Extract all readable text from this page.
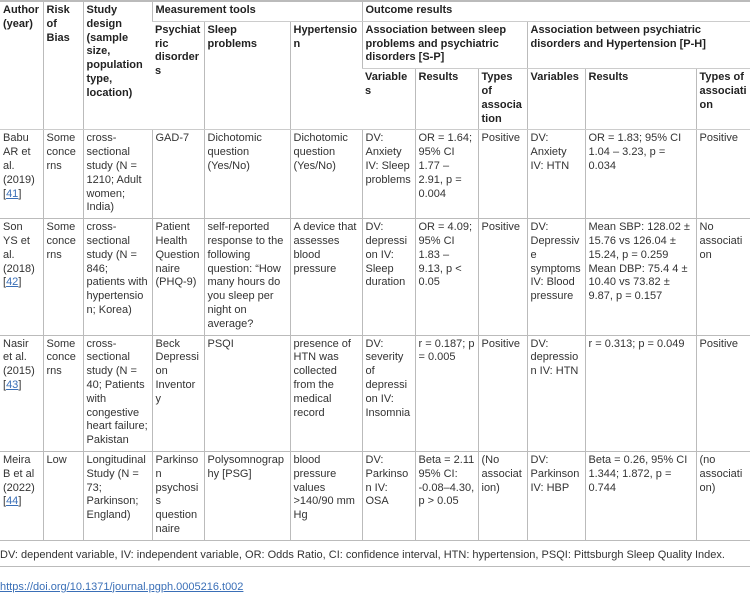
Author (year)	Risk of Bias	Study design (sample size, population type, location)	Measurement tools			Outcome results					
			Psychiatric disorders	Sleep problems	Hypertension	Association between sleep problems and psychiatric disorders [S-P]			Association between psychiatric disorders and Hypertension [P-H]		
						Variables	Results	Types of association	Variables	Results	Types of association
Babu AR et al. (2019) [41]	Some concerns	cross-sectional study (N = 1210; Adult women; India)	GAD-7	Dichotomic question (Yes/No)	Dichotomic question (Yes/No)	DV: Anxiety IV: Sleep problems	OR = 1.64; 95% CI 1.77 – 2.91, p = 0.004	Positive	DV: Anxiety IV: HTN	OR = 1.83; 95% CI 1.04 – 3.23, p = 0.034	Positive
Son YS et al. (2018) [42]	Some concerns	cross-sectional study (N = 846; patients with hypertension; Korea)	Patient Health Questionnaire (PHQ-9)	self-reported response to the following question: “How many hours do you sleep per night on average?	A device that assesses blood pressure	DV: depression IV: Sleep duration	OR = 4.09; 95% CI 1.83 – 9.13, p < 0.05	Positive	DV: Depressive symptoms IV: Blood pressure	Mean SBP: 128.02 ± 15.76 vs 126.04 ± 15.24, p = 0.259 Mean DBP: 75.4 4 ± 10.40 vs 73.82 ± 9.87, p = 0.157	No association
Nasir et al. (2015) [43]	Some concerns	cross-sectional study (N = 40; Patients with congestive heart failure; Pakistan	Beck Depression Inventory	PSQI	presence of HTN was collected from the medical record	DV: severity of depression IV: Insomnia	r = 0.187; p = 0.005	Positive	DV: depression IV: HTN	r = 0.313; p = 0.049	Positive
Meira B et al (2022) [44]	Low	Longitudinal Study (N = 73; Parkinson; England)	Parkinson psychosis questionnaire	Polysomnography [PSG]	blood pressure values >140/90 mm Hg	DV: Parkinson IV: OSA	Beta = 2.11 95% CI: -0.08–4.30, p > 0.05	(No association)	DV: Parkinson IV: HBP	Beta = 0.26, 95% CI 1.344; 1.872, p = 0.744	(no association)
DV: dependent variable, IV: independent variable, OR: Odds Ratio, CI: confidence interval, HTN: hypertension, PSQI: Pittsburgh Sleep Quality Index.
https://doi.org/10.1371/journal.pgph.0005216.t002
